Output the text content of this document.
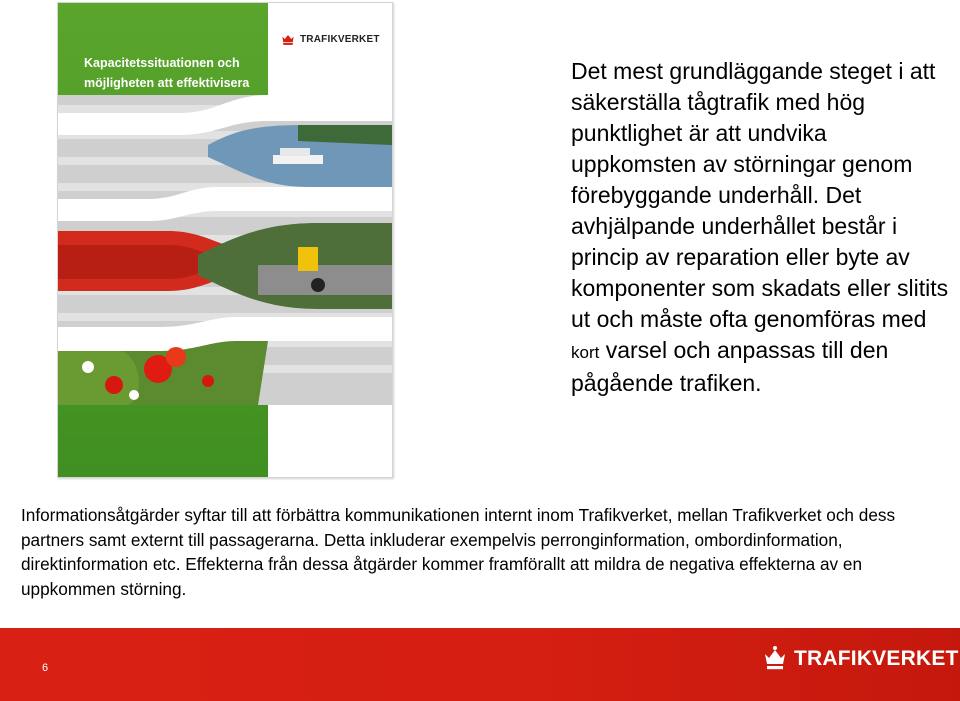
Kapacitetssituationen och möjligheten att effektivisera
TRAFIKVERKET
Underlagsrapport
Det mest grundläggande steget i att säkerställa tågtrafik med hög punktlighet är att undvika uppkomsten av störningar genom förebyggande underhåll. Det avhjälpande underhållet består i princip av reparation eller byte av komponenter som skadats eller slitits ut och måste ofta genomföras med kort varsel och anpassas till den pågående trafiken.
Informationsåtgärder syftar till att förbättra kommunikationen internt inom Trafikverket, mellan Trafikverket och dess partners samt externt till passagerarna. Detta inkluderar exempelvis perronginformation, ombordinformation, direktinformation etc. Effekterna från dessa åtgärder kommer framförallt att mildra de negativa effekterna av en uppkommen störning.
6	TRAFIKVERKET
